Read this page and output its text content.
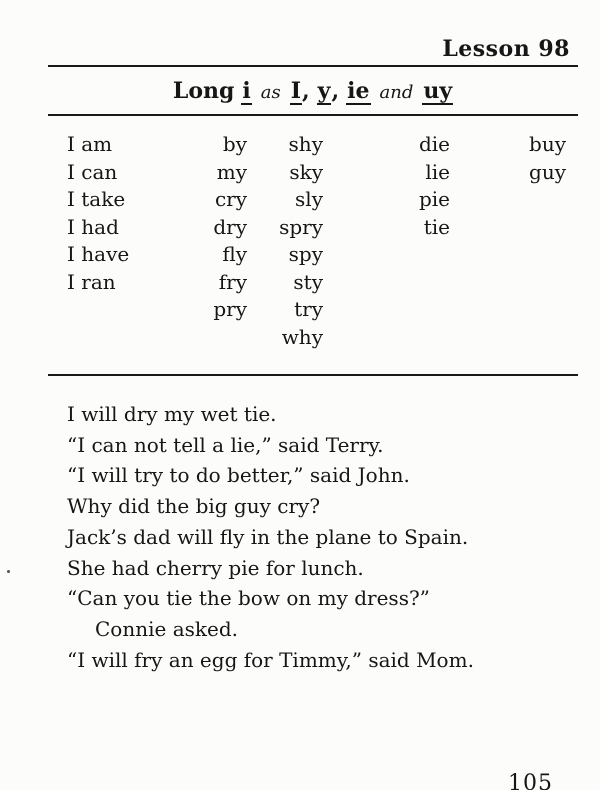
Lesson 98
Long i as I, y, ie and uy
I am
I can
I take
I had
I have
I ran
by
my
cry
dry
fly
fry
pry
shy
sky
sly
spry
spy
sty
try
why
die
lie
pie
tie
buy
guy

I will dry my wet tie.

“I can not tell a lie,” said Terry.

“I will try to do better,” said John.

Why did the big guy cry?

Jack’s dad will fly in the plane to Spain.

She had cherry pie for lunch.

“Can you tie the bow on my dress?”

Connie asked.

“I will fry an egg for Timmy,” said Mom.

105
